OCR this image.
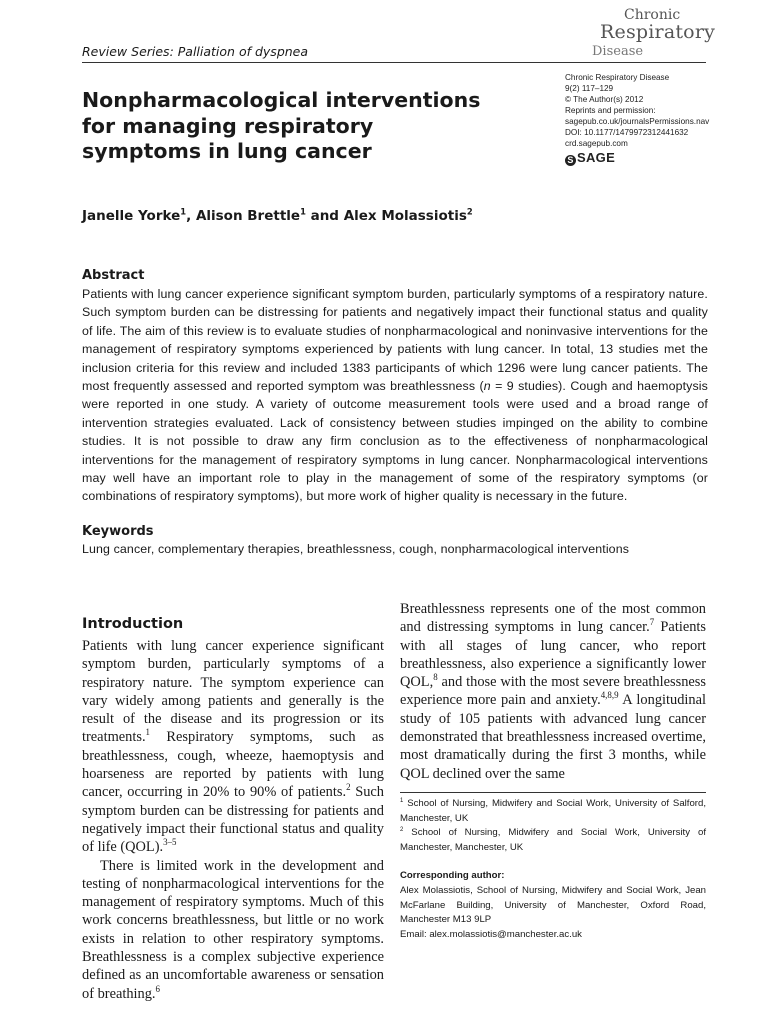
Review Series: Palliation of dyspnea
Chronic
Respiratory
Disease
Chronic Respiratory Disease
9(2) 117–129
© The Author(s) 2012
Reprints and permission:
sagepub.co.uk/journalsPermissions.nav
DOI: 10.1177/1479972312441632
crd.sagepub.com
S SAGE
Nonpharmacological interventions for managing respiratory symptoms in lung cancer
Janelle Yorke$^1$, Alison Brettle$^1$ and Alex Molassiotis$^2$
Abstract
Patients with lung cancer experience significant symptom burden, particularly symptoms of a respiratory nature. Such symptom burden can be distressing for patients and negatively impact their functional status and quality of life. The aim of this review is to evaluate studies of nonpharmacological and noninvasive interventions for the management of respiratory symptoms experienced by patients with lung cancer. In total, 13 studies met the inclusion criteria for this review and included 1383 participants of which 1296 were lung cancer patients. The most frequently assessed and reported symptom was breathlessness (n = 9 studies). Cough and haemoptysis were reported in one study. A variety of outcome measurement tools were used and a broad range of intervention strategies evaluated. Lack of consistency between studies impinged on the ability to combine studies. It is not possible to draw any firm conclusion as to the effectiveness of nonpharmacological interventions for the management of respiratory symptoms in lung cancer. Nonpharmacological interventions may well have an important role to play in the management of some of the respiratory symptoms (or combinations of respiratory symptoms), but more work of higher quality is necessary in the future.
Keywords
Lung cancer, complementary therapies, breathlessness, cough, nonpharmacological interventions
Introduction

Patients with lung cancer experience significant symptom burden, particularly symptoms of a respiratory nature. The symptom experience can vary widely among patients and generally is the result of the disease and its progression or its treatments.$^1$ Respiratory symptoms, such as breathlessness, cough, wheeze, haemoptysis and hoarseness are reported by patients with lung cancer, occurring in 20% to 90% of patients.$^2$ Such symptom burden can be distressing for patients and negatively impact their functional status and quality of life (QOL).$^{3-5}$

There is limited work in the development and testing of nonpharmacological interventions for the management of respiratory symptoms. Much of this work concerns breathlessness, but little or no work exists in relation to other respiratory symptoms. Breathlessness is a complex subjective experience defined as an uncomfortable awareness or sensation of breathing.$^6$

Breathlessness represents one of the most common and distressing symptoms in lung cancer.$^7$ Patients with all stages of lung cancer, who report breathlessness, also experience a significantly lower QOL,$^8$ and those with the most severe breathlessness experience more pain and anxiety.$^{4,8,9}$ A longitudinal study of 105 patients with advanced lung cancer demonstrated that breathlessness increased overtime, most dramatically during the first 3 months, while QOL declined over the same

$^1$ School of Nursing, Midwifery and Social Work, University of Salford, Manchester, UK

$^2$ School of Nursing, Midwifery and Social Work, University of Manchester, Manchester, UK

Corresponding author:

Alex Molassiotis, School of Nursing, Midwifery and Social Work, Jean McFarlane Building, University of Manchester, Oxford Road, Manchester M13 9LP

Email: alex.molassiotis@manchester.ac.uk
